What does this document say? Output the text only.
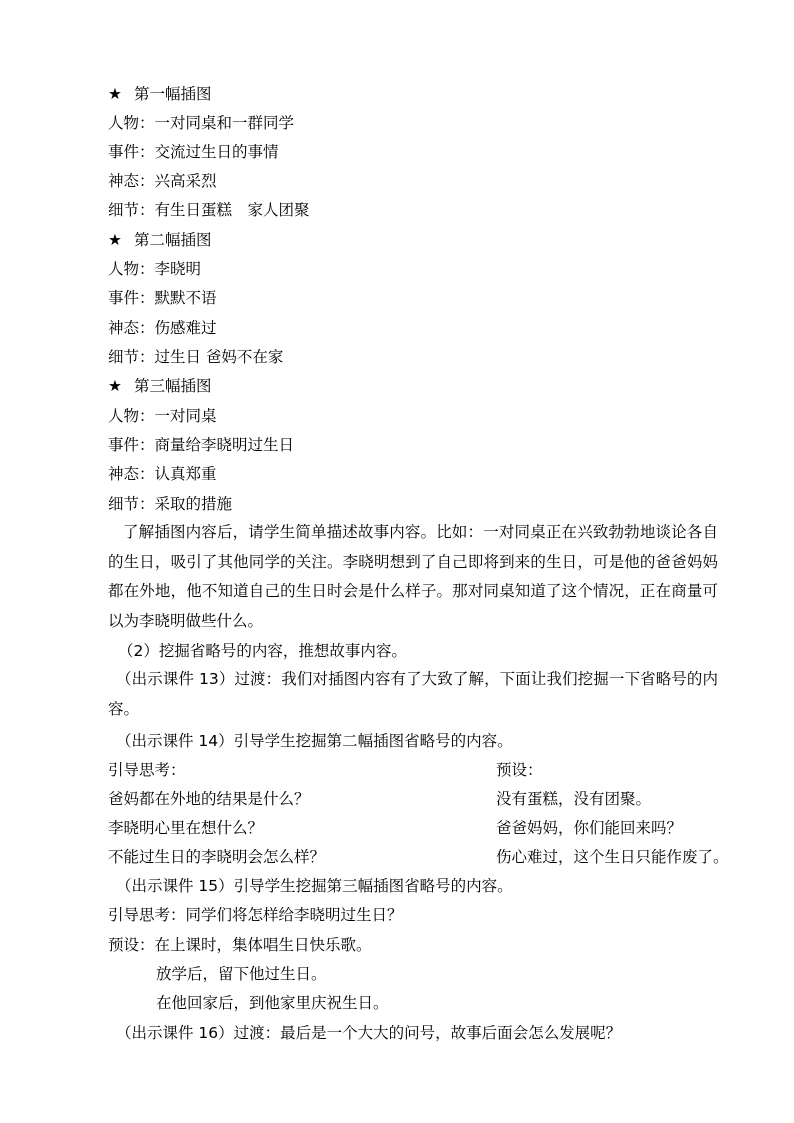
★ 第一幅插图
人物：一对同桌和一群同学
事件：交流过生日的事情
神态：兴高采烈
细节：有生日蛋糕　家人团聚
★ 第二幅插图
人物：李晓明
事件：默默不语
神态：伤感难过
细节：过生日 爸妈不在家
★ 第三幅插图
人物：一对同桌
事件：商量给李晓明过生日
神态：认真郑重
细节：采取的措施
了解插图内容后，请学生简单描述故事内容。比如：一对同桌正在兴致勃勃地谈论各自的生日，吸引了其他同学的关注。李晓明想到了自己即将到来的生日，可是他的爸爸妈妈都在外地，他不知道自己的生日时会是什么样子。那对同桌知道了这个情况，正在商量可以为李晓明做些什么。
（2）挖掘省略号的内容，推想故事内容。
（出示课件 13）过渡：我们对插图内容有了大致了解，下面让我们挖掘一下省略号的内容。
（出示课件 14）引导学生挖掘第二幅插图省略号的内容。
引导思考：	预设：
爸妈都在外地的结果是什么？	没有蛋糕，没有团聚。
李晓明心里在想什么？	爸爸妈妈，你们能回来吗？
不能过生日的李晓明会怎么样？	伤心难过，这个生日只能作废了。
（出示课件 15）引导学生挖掘第三幅插图省略号的内容。
引导思考：同学们将怎样给李晓明过生日？
预设：在上课时，集体唱生日快乐歌。
放学后，留下他过生日。
在他回家后，到他家里庆祝生日。
（出示课件 16）过渡：最后是一个大大的问号，故事后面会怎么发展呢？
